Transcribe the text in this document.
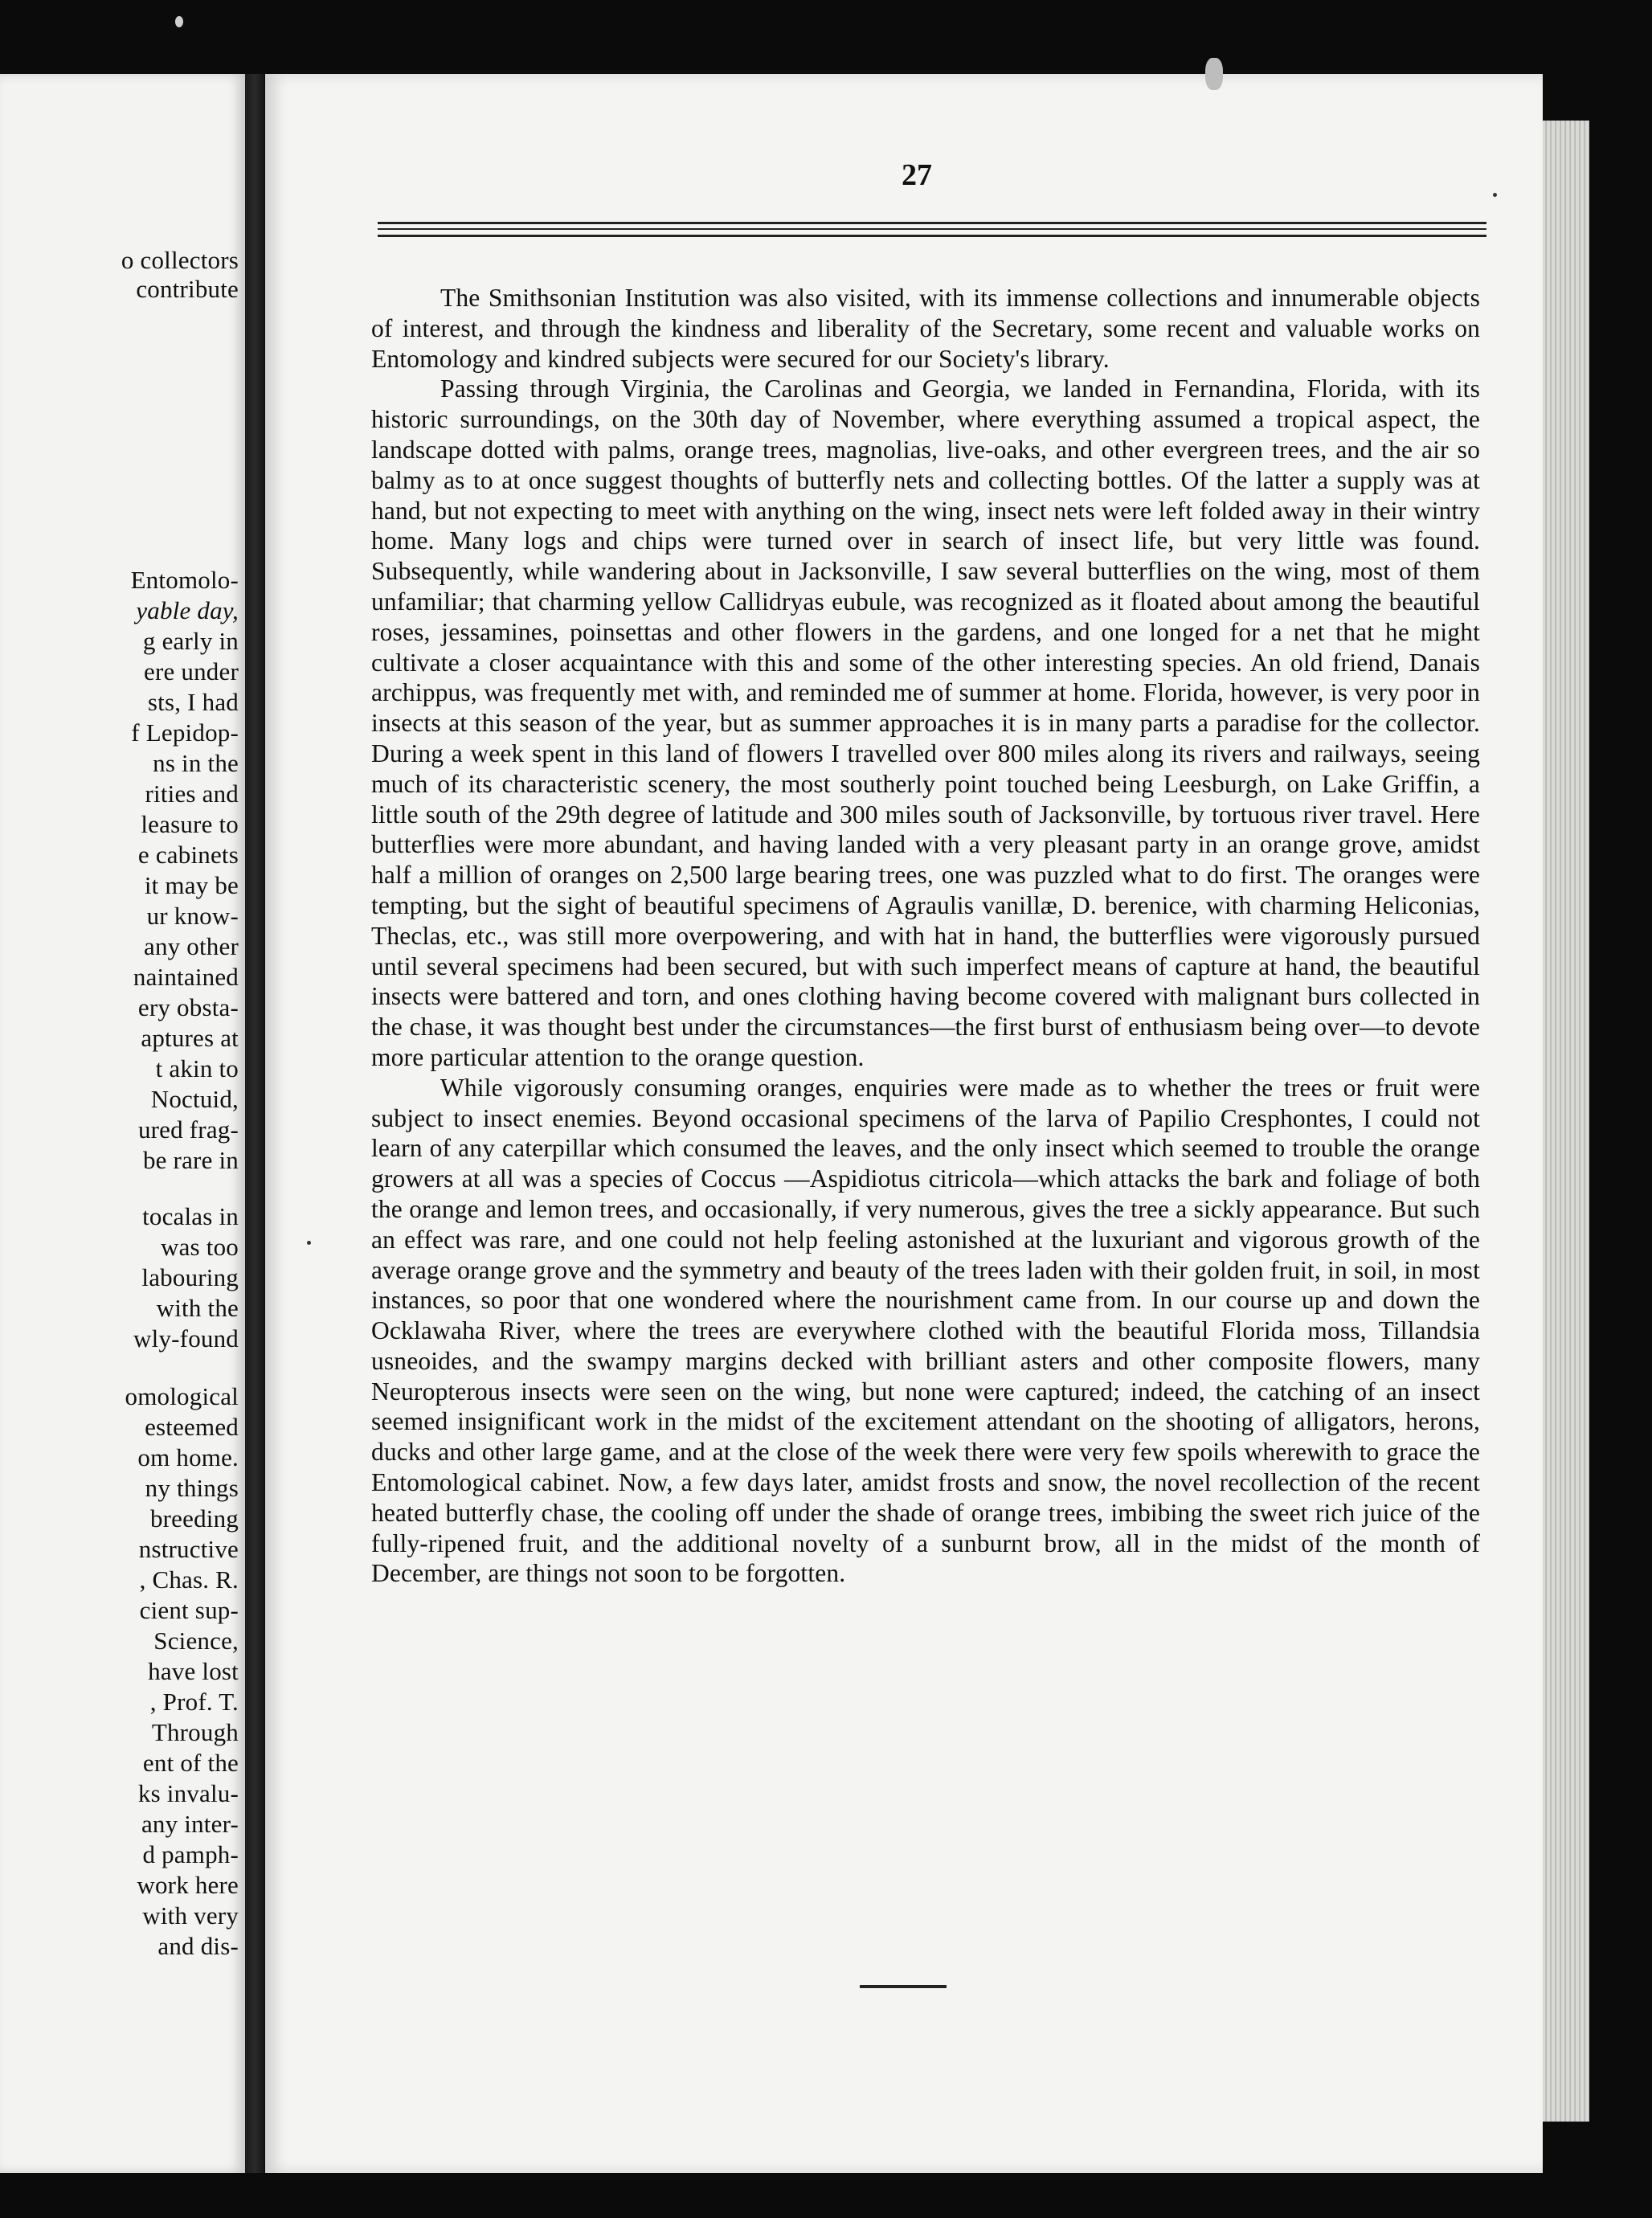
o collectors
contribute
Entomolo-
yable day,
g early in
ere under
sts, I had
f Lepidop-
ns in the
rities and
leasure to
e cabinets
it may be
ur know-
any other
naintained
ery obsta-
aptures at
t akin to
Noctuid,
ured frag-
be rare in
tocalas in
was too
labouring
with the
wly-found
omological
esteemed
om home.
ny things
breeding
nstructive
, Chas. R.
cient sup-
Science,
have lost
, Prof. T.
Through
ent of the
ks invalu-
any inter-
d pamph-
work here
with very
and dis-
27

The Smithsonian Institution was also visited, with its immense collections and innumerable objects of interest, and through the kindness and liberality of the Secretary, some recent and valuable works on Entomology and kindred subjects were secured for our Society's library.

Passing through Virginia, the Carolinas and Georgia, we landed in Fernandina, Florida, with its historic surroundings, on the 30th day of November, where everything assumed a tropical aspect, the landscape dotted with palms, orange trees, magnolias, live-oaks, and other evergreen trees, and the air so balmy as to at once suggest thoughts of butterfly nets and collecting bottles. Of the latter a supply was at hand, but not expecting to meet with anything on the wing, insect nets were left folded away in their wintry home. Many logs and chips were turned over in search of insect life, but very little was found. Subsequently, while wandering about in Jacksonville, I saw several butterflies on the wing, most of them unfamiliar; that charming yellow Callidryas eubule, was recognized as it floated about among the beautiful roses, jessamines, poinsettas and other flowers in the gardens, and one longed for a net that he might cultivate a closer acquaintance with this and some of the other interesting species. An old friend, Danais archippus, was frequently met with, and reminded me of summer at home. Florida, however, is very poor in insects at this season of the year, but as summer approaches it is in many parts a paradise for the collector. During a week spent in this land of flowers I travelled over 800 miles along its rivers and railways, seeing much of its characteristic scenery, the most southerly point touched being Leesburgh, on Lake Griffin, a little south of the 29th degree of latitude and 300 miles south of Jacksonville, by tortuous river travel. Here butterflies were more abundant, and having landed with a very pleasant party in an orange grove, amidst half a million of oranges on 2,500 large bearing trees, one was puzzled what to do first. The oranges were tempting, but the sight of beautiful specimens of Agraulis vanillæ, D. berenice, with charming Heliconias, Theclas, etc., was still more overpowering, and with hat in hand, the butterflies were vigorously pursued until several specimens had been secured, but with such imperfect means of capture at hand, the beautiful insects were battered and torn, and ones clothing having become covered with malignant burs collected in the chase, it was thought best under the circumstances—the first burst of enthusiasm being over—to devote more particular attention to the orange question.

While vigorously consuming oranges, enquiries were made as to whether the trees or fruit were subject to insect enemies. Beyond occasional specimens of the larva of Papilio Cresphontes, I could not learn of any caterpillar which consumed the leaves, and the only insect which seemed to trouble the orange growers at all was a species of Coccus —Aspidiotus citricola—which attacks the bark and foliage of both the orange and lemon trees, and occasionally, if very numerous, gives the tree a sickly appearance. But such an effect was rare, and one could not help feeling astonished at the luxuriant and vigorous growth of the average orange grove and the symmetry and beauty of the trees laden with their golden fruit, in soil, in most instances, so poor that one wondered where the nourishment came from. In our course up and down the Ocklawaha River, where the trees are everywhere clothed with the beautiful Florida moss, Tillandsia usneoides, and the swampy margins decked with brilliant asters and other composite flowers, many Neuropterous insects were seen on the wing, but none were captured; indeed, the catching of an insect seemed insignificant work in the midst of the excitement attendant on the shooting of alligators, herons, ducks and other large game, and at the close of the week there were very few spoils wherewith to grace the Entomological cabinet. Now, a few days later, amidst frosts and snow, the novel recollection of the recent heated butterfly chase, the cooling off under the shade of orange trees, imbibing the sweet rich juice of the fully-ripened fruit, and the additional novelty of a sunburnt brow, all in the midst of the month of December, are things not soon to be forgotten.
